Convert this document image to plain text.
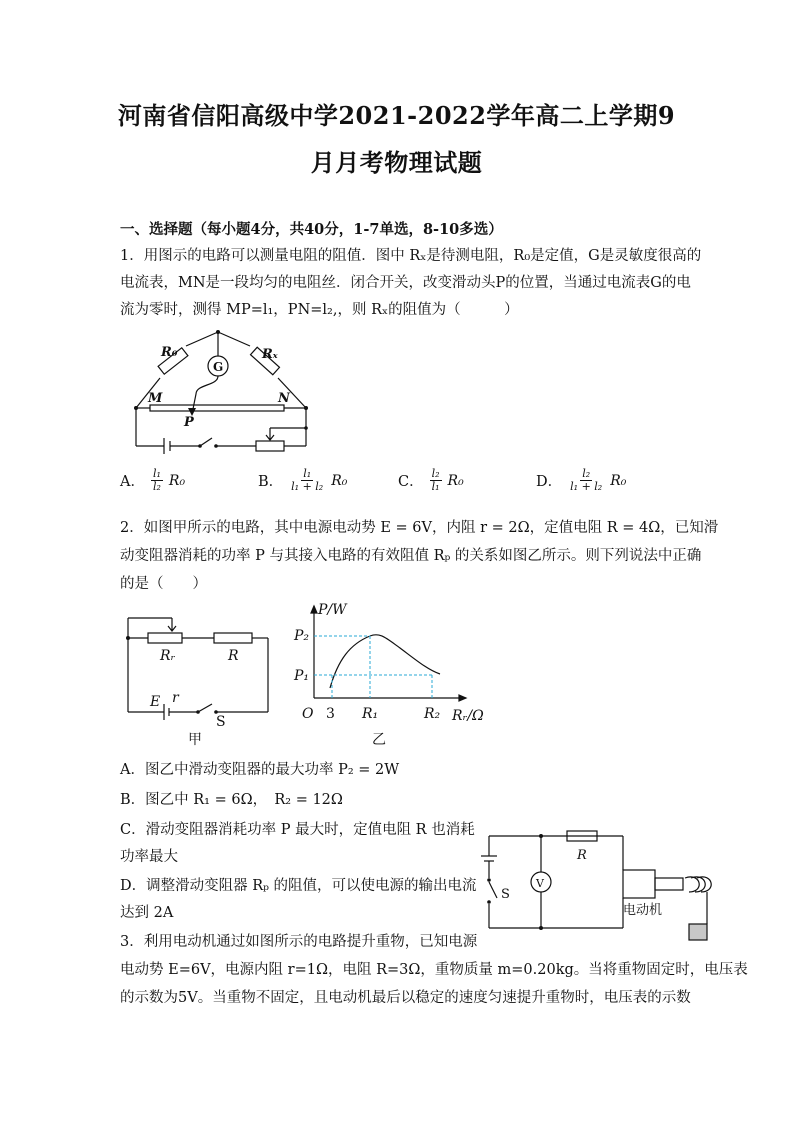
河南省信阳高级中学2021-2022学年高二上学期9
月月考物理试题
一、选择题（每小题4分，共40分，1-7单选，8-10多选）
1．用图示的电路可以测量电阻的阻值．图中 Rₓ是待测电阻，R₀是定值，G是灵敏度很高的
电流表，MN是一段均匀的电阻丝．闭合开关，改变滑动头P的位置，当通过电流表G的电
流为零时，测得 MP=l₁，PN=l₂,，则 Rₓ的阻值为（　　　）
R₀	Rₓ
G
M	N
P
A． $\frac{\text{l₁}}{\text{l₂}} R_0$	B． $\frac{\text{l₁}}{\text{l₁ + l₂}} R_0$	C． $\frac{\text{l₂}}{\text{l₁}} R_0$	D． $\frac{\text{l₂}}{\text{l₁ + l₂}} R_0$
2．如图甲所示的电路，其中电源电动势 E = 6V，内阻 r = 2Ω，定值电阻 R = 4Ω，已知滑
动变阻器消耗的功率 P 与其接入电路的有效阻值 Rₚ 的关系如图乙所示。则下列说法中正确
的是（　　）
Rᵣ	R
E r
S
甲
P/W
P₂
P₁
O 3 R₁	R₂ Rᵣ/Ω
乙
A．图乙中滑动变阻器的最大功率 P₂ = 2W
B．图乙中 R₁ = 6Ω，　R₂ = 12Ω
C．滑动变阻器消耗功率 P 最大时，定值电阻 R 也消耗
功率最大
D．调整滑动变阻器 Rₚ 的阻值，可以使电源的输出电流
达到 2A
R
V
S
电动机
3．利用电动机通过如图所示的电路提升重物，已知电源
电动势 E=6V，电源内阻 r=1Ω，电阻 R=3Ω，重物质量 m=0.20kg。当将重物固定时，电压表
的示数为5V。当重物不固定，且电动机最后以稳定的速度匀速提升重物时，电压表的示数
